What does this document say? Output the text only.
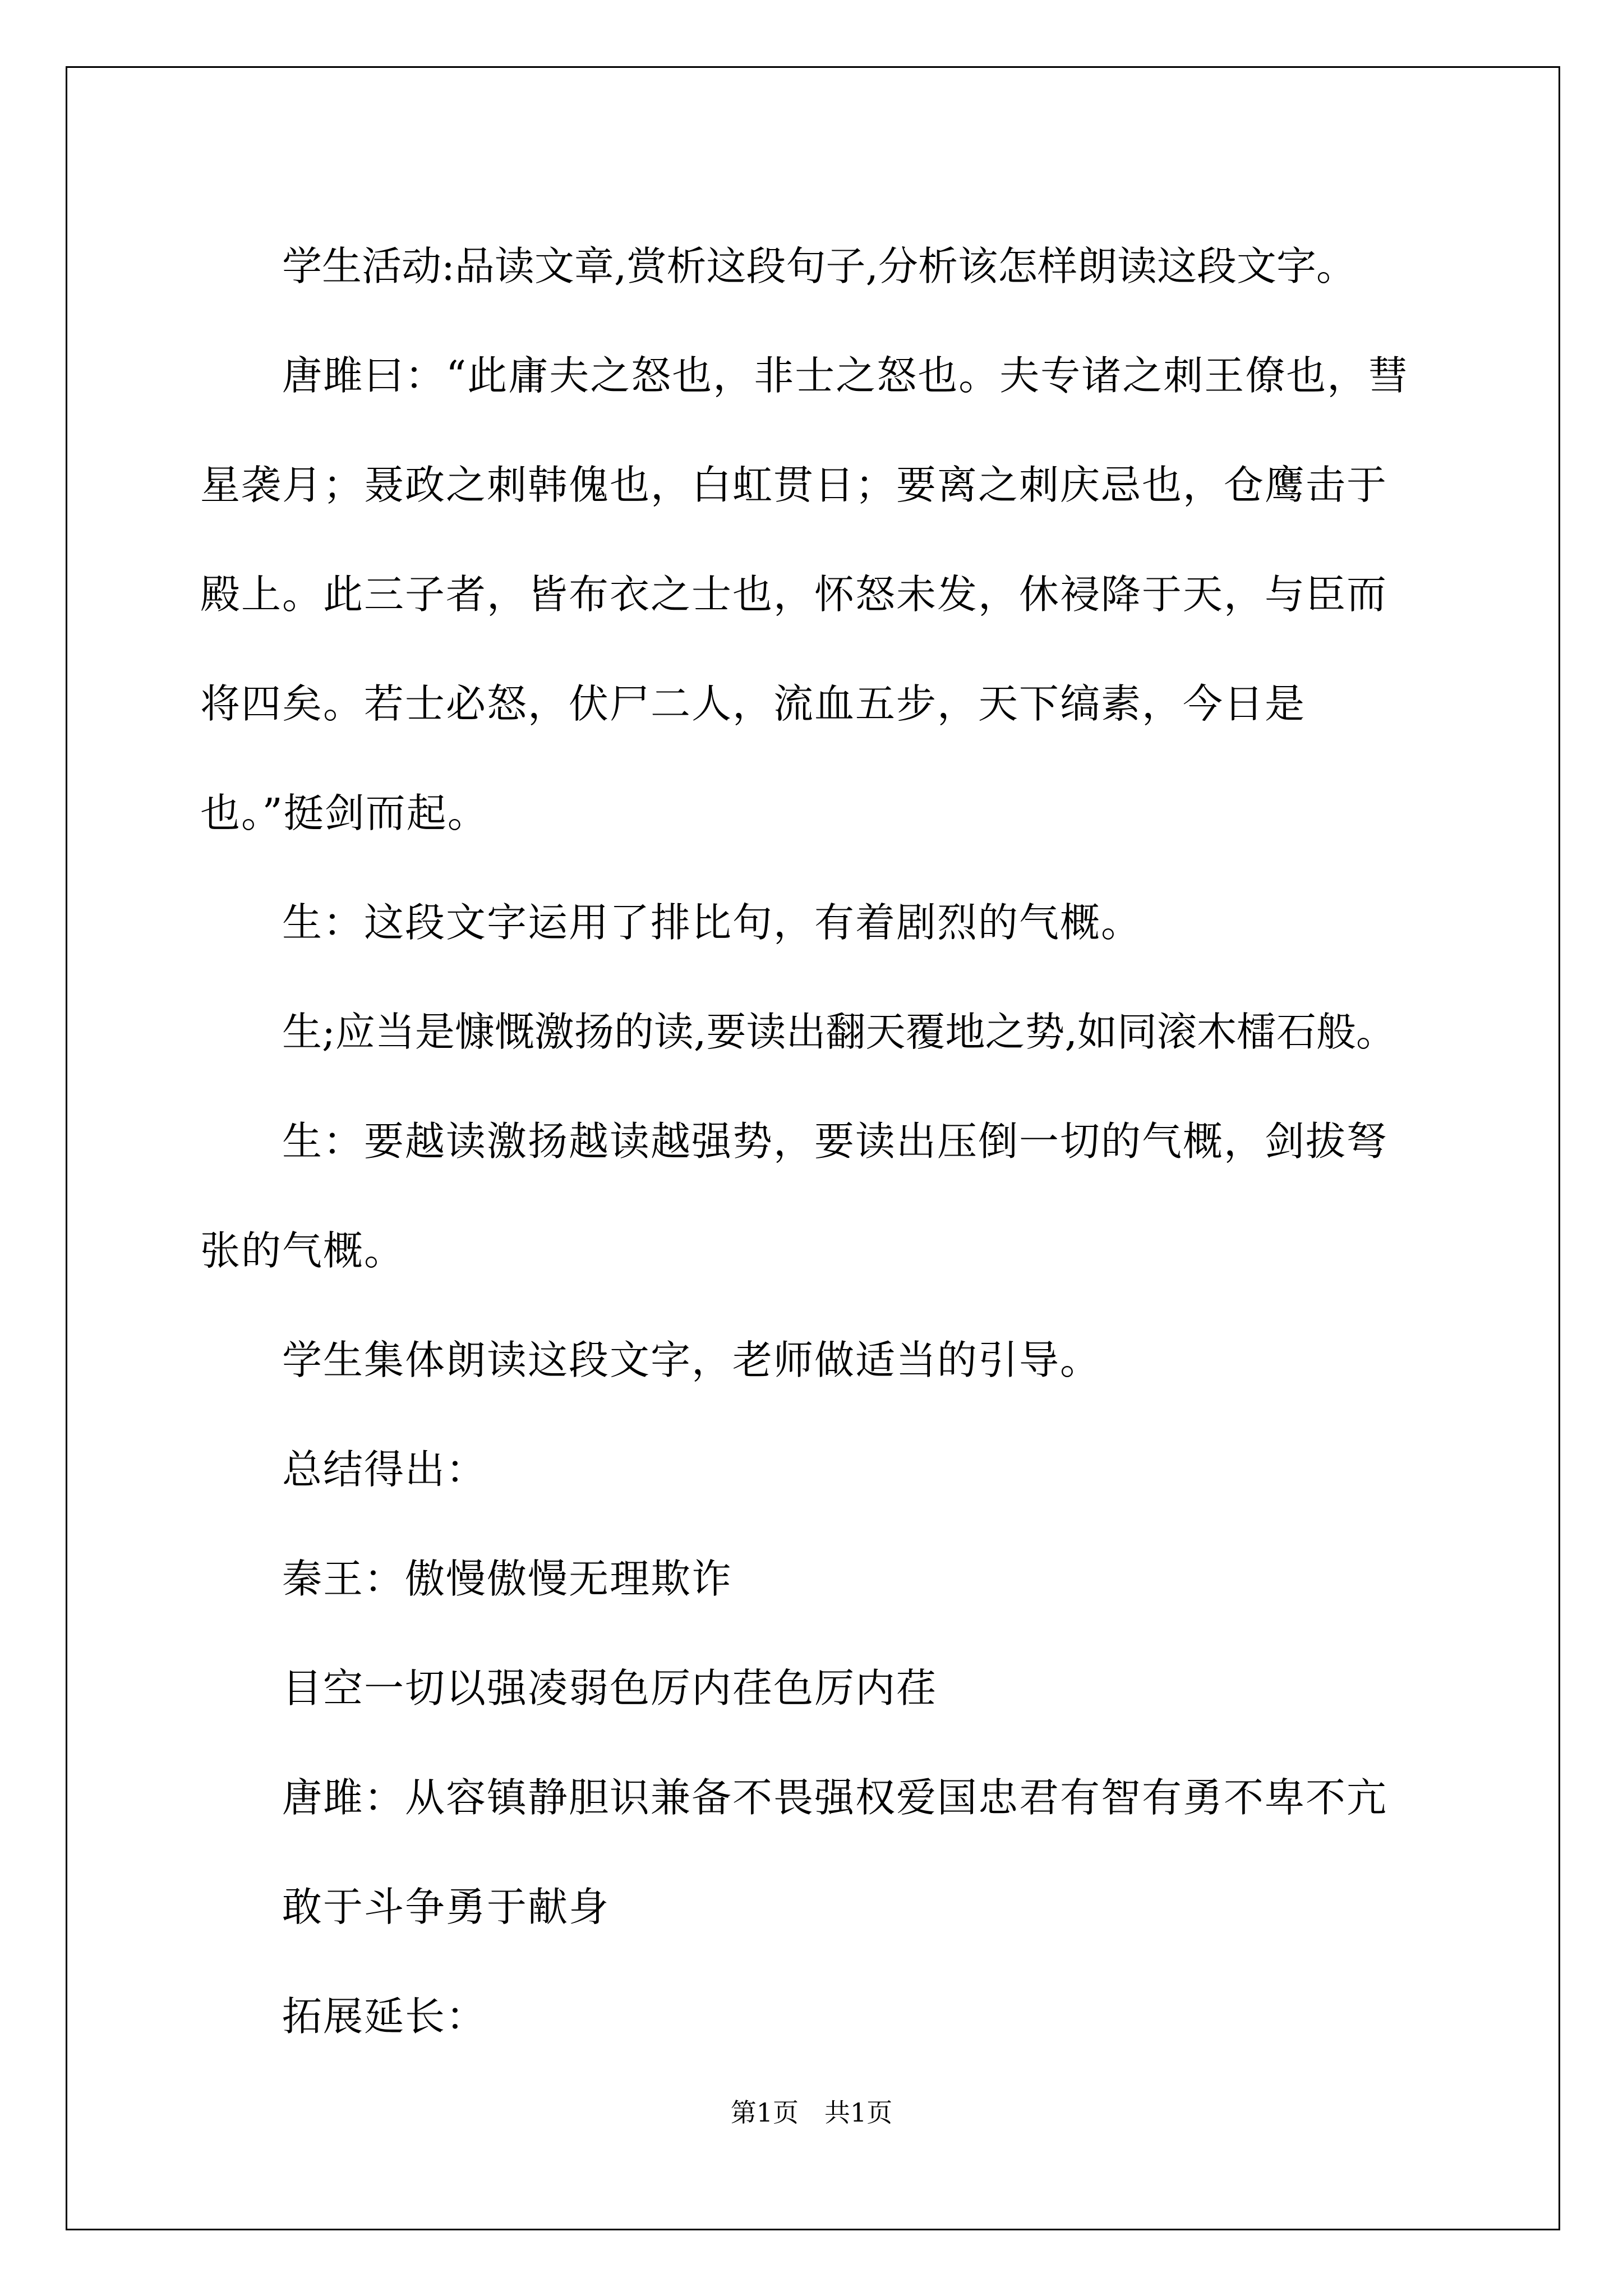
学生活动:品读文章,赏析这段句子,分析该怎样朗读这段文字。

唐雎曰：“此庸夫之怒也，非士之怒也。夫专诸之刺王僚也，彗星袭月；聂政之刺韩傀也，白虹贯日；要离之刺庆忌也，仓鹰击于殿上。此三子者，皆布衣之士也，怀怒未发，休祲降于天，与臣而将四矣。若士必怒，伏尸二人，流血五步，天下缟素，今日是也。”挺剑而起。

生：这段文字运用了排比句，有着剧烈的气概。

生;应当是慷慨激扬的读,要读出翻天覆地之势,如同滚木檑石般。

生：要越读激扬越读越强势，要读出压倒一切的气概，剑拔弩张的气概。

学生集体朗读这段文字，老师做适当的引导。

总结得出：

秦王：傲慢傲慢无理欺诈

目空一切以强凌弱色厉内荏色厉内荏

唐雎：从容镇静胆识兼备不畏强权爱国忠君有智有勇不卑不亢

敢于斗争勇于献身

拓展延长：

第1页　共1页
